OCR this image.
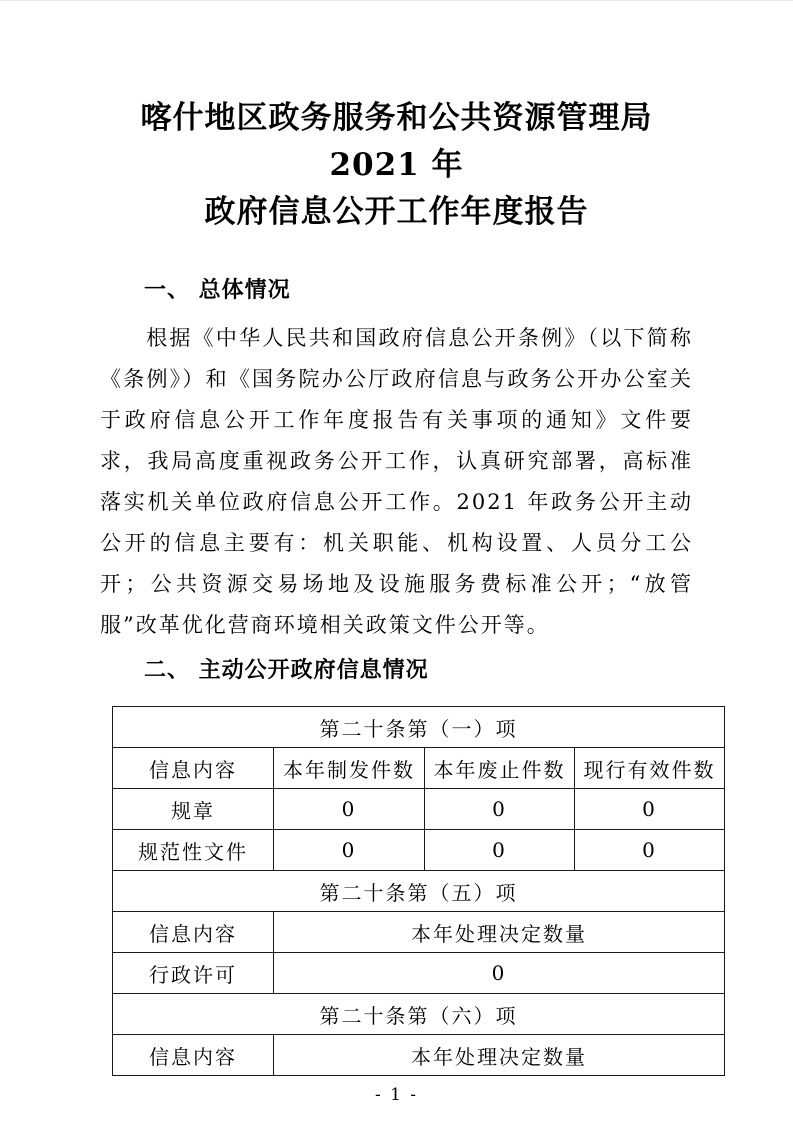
喀什地区政务服务和公共资源管理局 2021 年
政府信息公开工作年度报告
一、 总体情况

根据《中华人民共和国政府信息公开条例》（以下简称《条例》）和《国务院办公厅政府信息与政务公开办公室关于政府信息公开工作年度报告有关事项的通知》文件要求，我局高度重视政务公开工作，认真研究部署，高标准落实机关单位政府信息公开工作。2021 年政务公开主动公开的信息主要有：机关职能、机构设置、人员分工公开；公共资源交易场地及设施服务费标准公开；“放管服”改革优化营商环境相关政策文件公开等。

二、 主动公开政府信息情况
第二十条第（一）项			
信息内容	本年制发件数	本年废止件数	现行有效件数
规章	0	0	0
规范性文件	0	0	0
第二十条第（五）项			
信息内容	本年处理决定数量		
行政许可	0		
第二十条第（六）项			
信息内容	本年处理决定数量		
- 1 -
